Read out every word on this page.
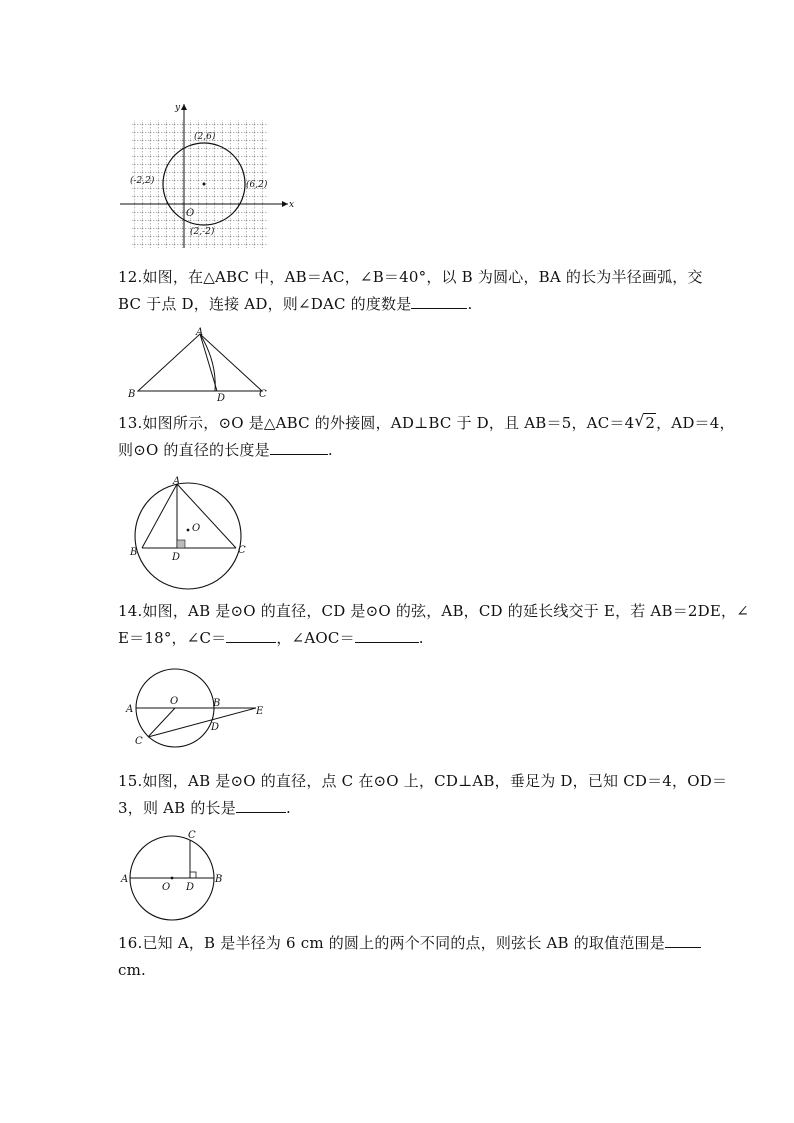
x
y
O
(2,6)
(-2,2)	(6,2)
(2,-2)
12.如图，在△ABC 中，AB＝AC，∠B＝40°，以 B 为圆心，BA 的长为半径画弧，交
BC 于点 D，连接 AD，则∠DAC 的度数是	.
A
B	D	C
13.如图所示，⊙O 是△ABC 的外接圆，AD⊥BC 于 D，且 AB＝5，AC＝4 √ 2，AD＝4，
则⊙O 的直径的长度是	.
A
B	C
D
O
14.如图，AB 是⊙O 的直径，CD 是⊙O 的弦，AB，CD 的延长线交于 E，若 AB＝2DE，∠
E＝18°，∠C＝	，∠AOC＝	.
A
O	B
E
D
C
15.如图，AB 是⊙O 的直径，点 C 在⊙O 上，CD⊥AB，垂足为 D，已知 CD＝4，OD＝
3，则 AB 的长是	.
A	B
C
D
O
16.已知 A，B 是半径为 6 cm 的圆上的两个不同的点，则弦长 AB 的取值范围是
cm.
